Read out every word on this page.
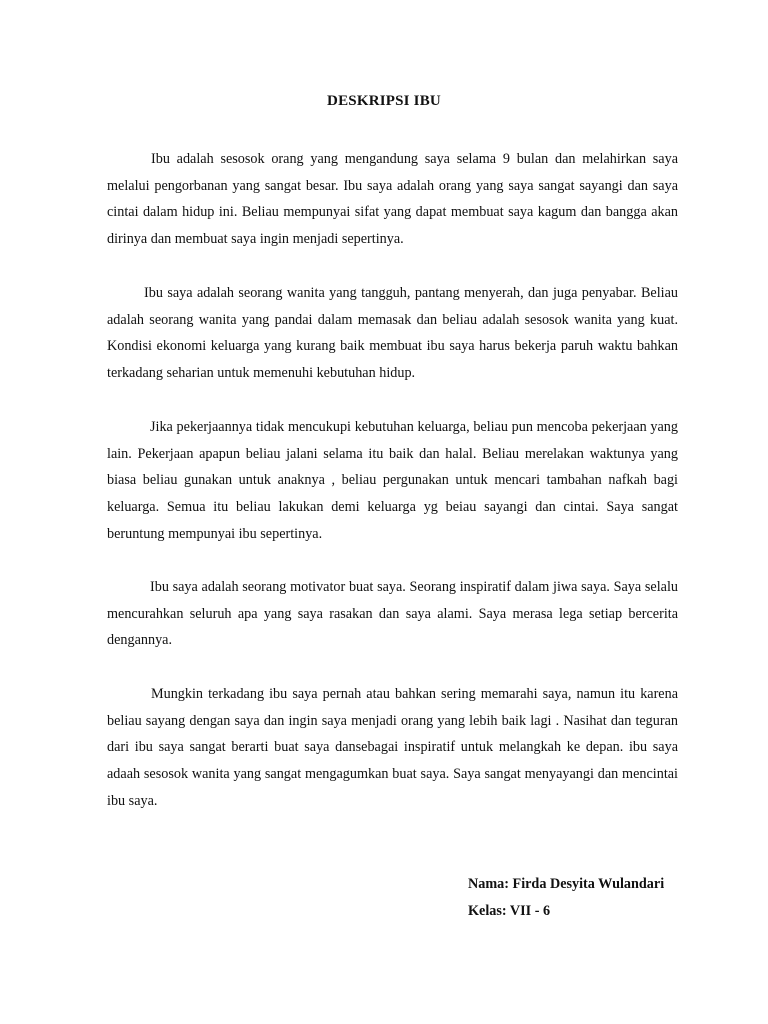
DESKRIPSI IBU

Ibu adalah sesosok orang yang mengandung saya selama 9 bulan dan melahirkan saya melalui pengorbanan yang sangat besar. Ibu saya adalah orang yang saya sangat sayangi dan saya cintai dalam hidup ini. Beliau mempunyai sifat yang dapat membuat saya kagum dan bangga akan dirinya dan membuat saya ingin menjadi sepertinya.

Ibu saya adalah seorang wanita yang tangguh, pantang menyerah, dan juga penyabar. Beliau adalah seorang wanita yang pandai dalam memasak dan beliau adalah sesosok wanita yang kuat. Kondisi ekonomi keluarga yang kurang baik membuat ibu saya harus bekerja paruh waktu bahkan terkadang seharian untuk memenuhi kebutuhan hidup.

Jika pekerjaannya tidak mencukupi kebutuhan keluarga, beliau pun mencoba pekerjaan yang lain. Pekerjaan apapun beliau jalani selama itu baik dan halal. Beliau merelakan waktunya yang biasa beliau gunakan untuk anaknya , beliau pergunakan untuk mencari tambahan nafkah bagi keluarga. Semua itu beliau lakukan demi keluarga yg beiau sayangi dan cintai. Saya sangat beruntung mempunyai ibu sepertinya.

Ibu saya adalah seorang motivator buat saya. Seorang inspiratif dalam jiwa saya. Saya selalu mencurahkan seluruh apa yang saya rasakan dan saya alami. Saya merasa lega setiap bercerita dengannya.

Mungkin terkadang ibu saya pernah atau bahkan sering memarahi saya, namun itu karena beliau sayang dengan saya dan ingin saya menjadi orang yang lebih baik lagi . Nasihat dan teguran dari ibu saya sangat berarti buat saya dansebagai inspiratif untuk melangkah ke depan. ibu saya adaah sesosok wanita yang sangat mengagumkan buat saya. Saya sangat menyayangi dan mencintai ibu saya.

Nama: Firda Desyita Wulandari
Kelas: VII - 6
